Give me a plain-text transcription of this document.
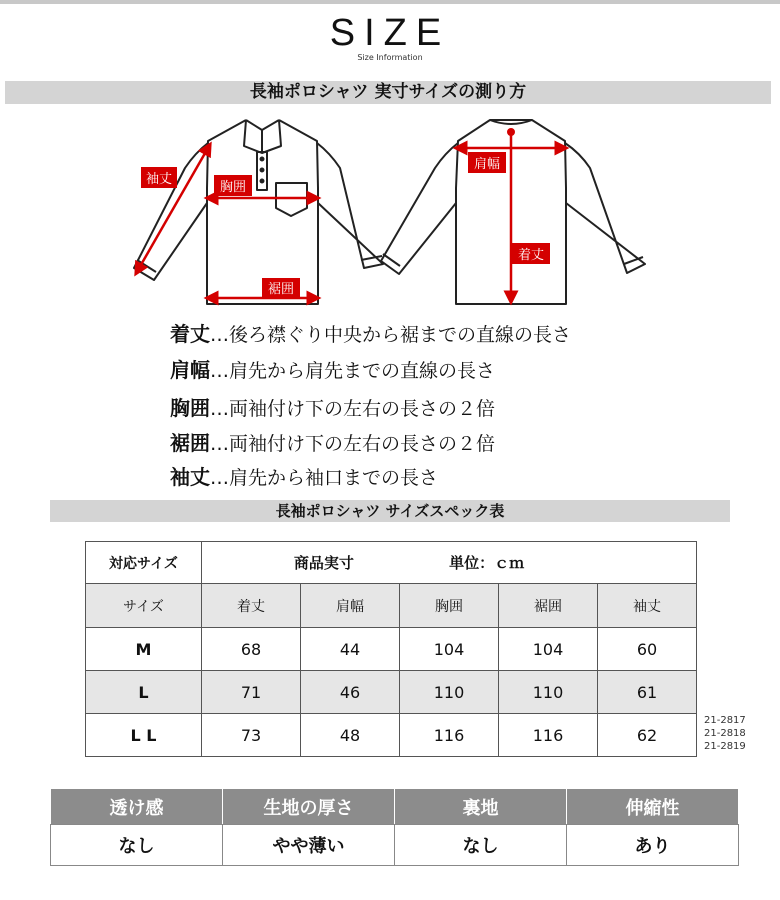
SIZE
Size Information
長袖ポロシャツ 実寸サイズの測り方
袖丈
胸囲
裾囲
肩幅
着丈
着丈…後ろ襟ぐり中央から裾までの直線の長さ
肩幅…肩先から肩先までの直線の長さ
胸囲…両袖付け下の左右の長さの２倍
裾囲…両袖付け下の左右の長さの２倍
袖丈…肩先から袖口までの長さ
長袖ポロシャツ サイズスペック表
対応サイズ	商品実寸 単位：ｃｍ				
サイズ	着丈	肩幅	胸囲	裾囲	袖丈
M	68	44	104	104	60
L	71	46	110	110	61
L L	73	48	116	116	62
21-2817
21-2818
21-2819
透け感	生地の厚さ	裏地	伸縮性
なし	やや薄い	なし	あり
